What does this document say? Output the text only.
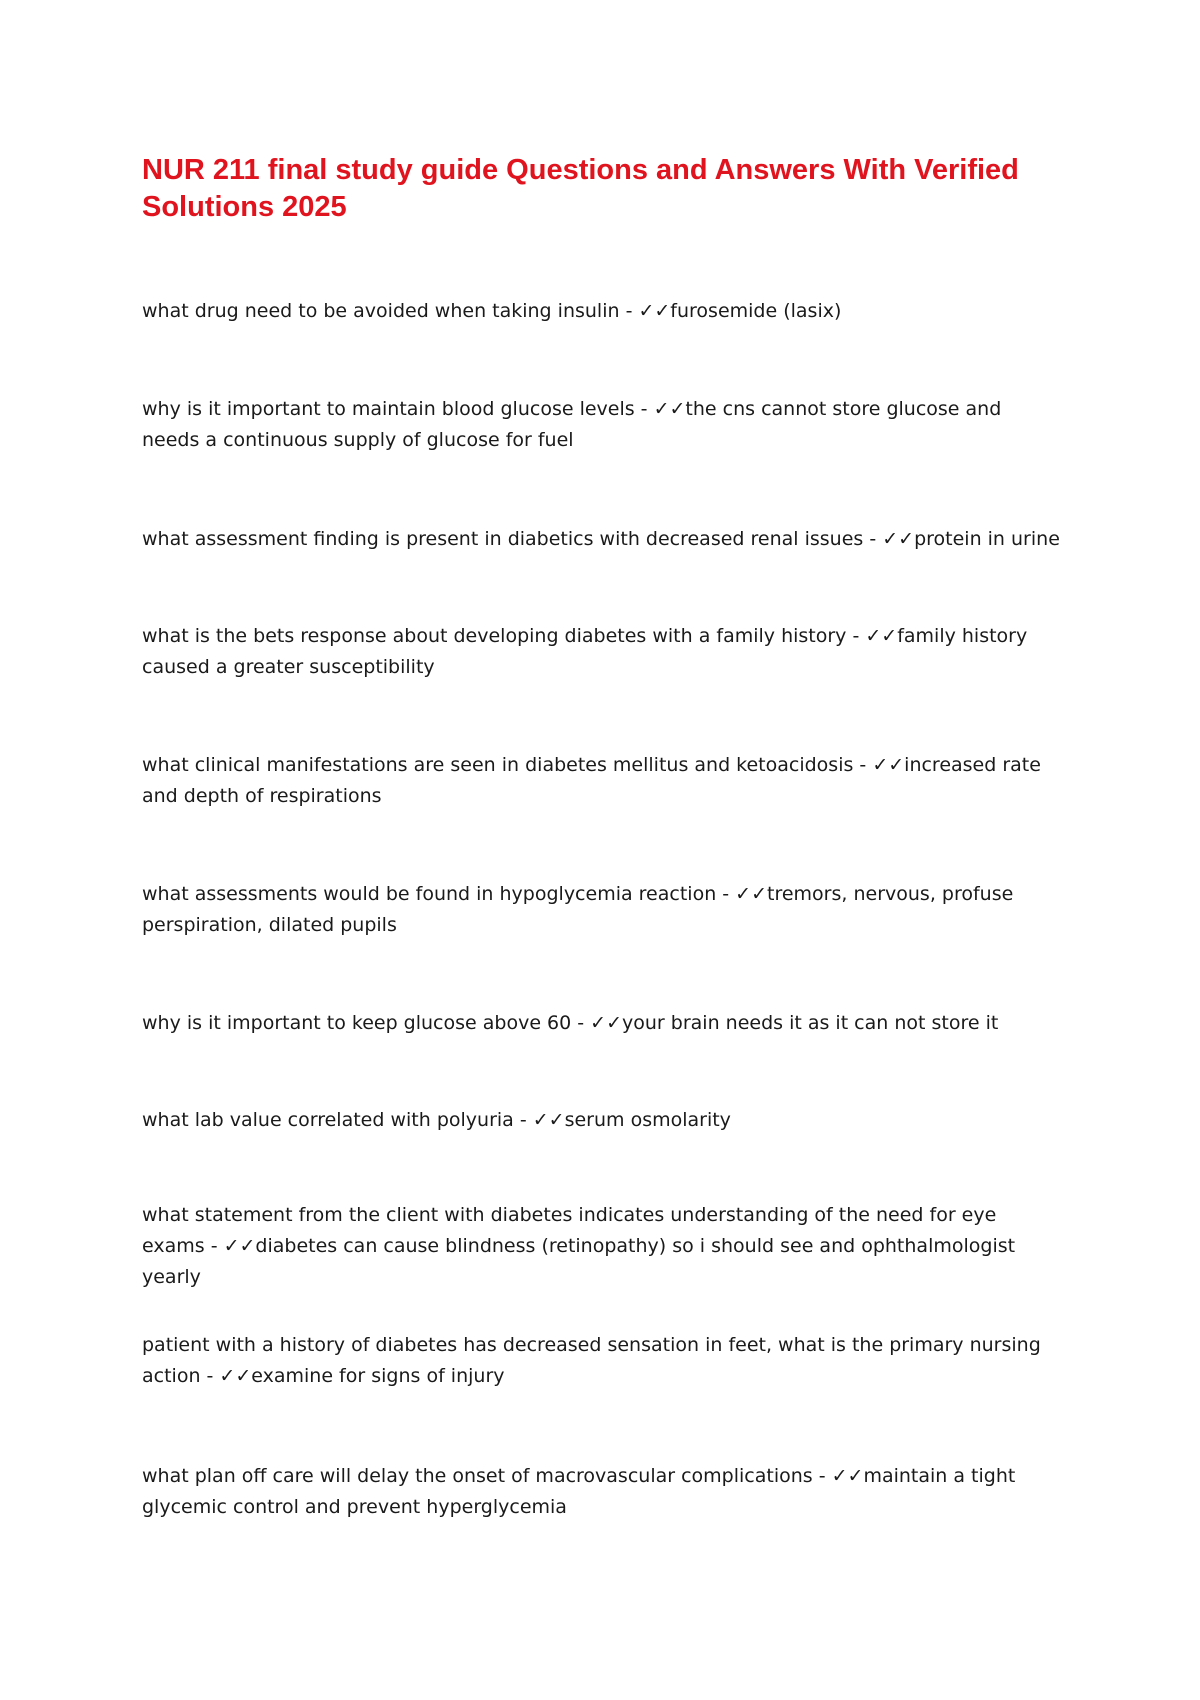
NUR 211 final study guide Questions and Answers With Verified Solutions 2025

what drug need to be avoided when taking insulin - ✓✓furosemide (lasix)

why is it important to maintain blood glucose levels - ✓✓the cns cannot store glucose and needs a continuous supply of glucose for fuel

what assessment finding is present in diabetics with decreased renal issues - ✓✓protein in urine

what is the bets response about developing diabetes with a family history - ✓✓family history caused a greater susceptibility

what clinical manifestations are seen in diabetes mellitus and ketoacidosis - ✓✓increased rate and depth of respirations

what assessments would be found in hypoglycemia reaction - ✓✓tremors, nervous, profuse perspiration, dilated pupils

why is it important to keep glucose above 60 - ✓✓your brain needs it as it can not store it

what lab value correlated with polyuria - ✓✓serum osmolarity

what statement from the client with diabetes indicates understanding of the need for eye exams - ✓✓diabetes can cause blindness (retinopathy) so i should see and ophthalmologist yearly

patient with a history of diabetes has decreased sensation in feet, what is the primary nursing action - ✓✓examine for signs of injury

what plan off care will delay the onset of macrovascular complications - ✓✓maintain a tight glycemic control and prevent hyperglycemia
